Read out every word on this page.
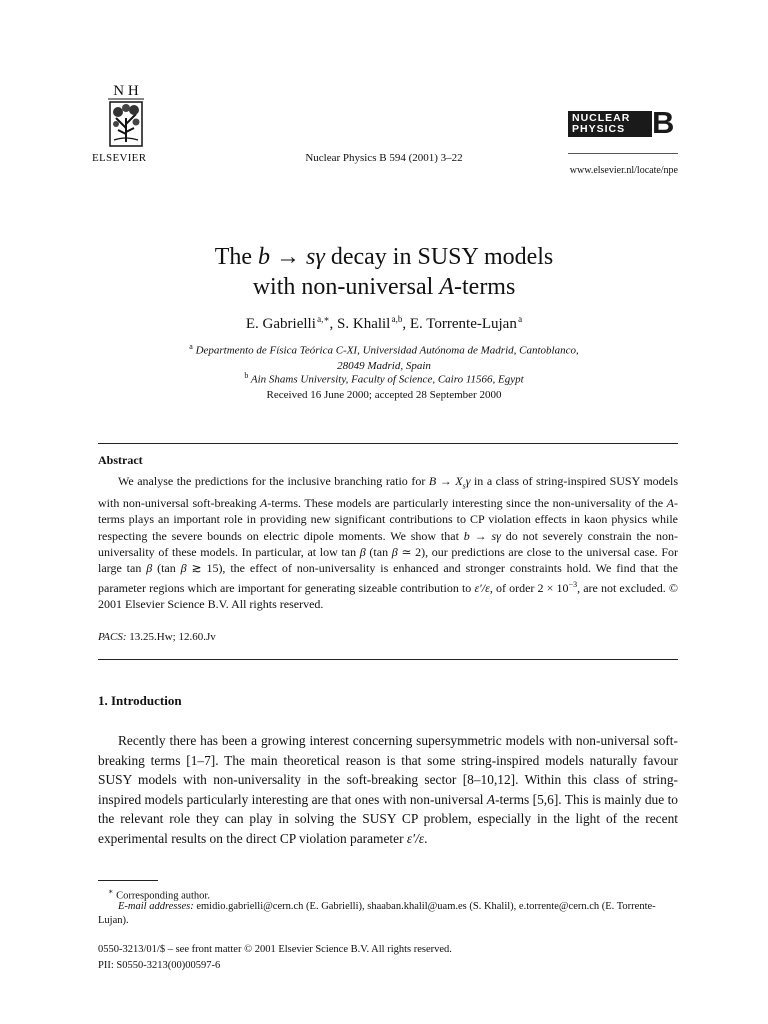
N H
ELSEVIER	Nuclear Physics B 594 (2001) 3–22
NUCLEAR
PHYSICS B
www.elsevier.nl/locate/npe
The b → sγ decay in SUSY models
with non-universal A-terms
E. Gabrielli $^{a,∗}$, S. Khalil $^{a,b}$, E. Torrente-Lujan $^a$
$^a$ Departmento de Física Teórica C-XI, Universidad Autónoma de Madrid, Cantoblanco,
28049 Madrid, Spain
$^b$ Ain Shams University, Faculty of Science, Cairo 11566, Egypt
Received 16 June 2000; accepted 28 September 2000
Abstract
We analyse the predictions for the inclusive branching ratio for $B \to X_s\gamma$ in a class of string-inspired SUSY models with non-universal soft-breaking A-terms. These models are particularly interesting since the non-universality of the A-terms plays an important role in providing new significant contributions to CP violation effects in kaon physics while respecting the severe bounds on electric dipole moments. We show that b → sγ do not severely constrain the non-universality of these models. In particular, at low tan β (tan β ≃ 2), our predictions are close to the universal case. For large tan β (tan β ≳ 15), the effect of non-universality is enhanced and stronger constraints hold. We find that the parameter regions which are important for generating sizeable contribution to ε′/ε, of order $2 \times 10^{-3}$, are not excluded. © 2001 Elsevier Science B.V. All rights reserved.
PACS: 13.25.Hw; 12.60.Jv
1. Introduction
Recently there has been a growing interest concerning supersymmetric models with non-universal soft-breaking terms [1–7]. The main theoretical reason is that some string-inspired models naturally favour SUSY models with non-universality in the soft-breaking sector [8–10,12]. Within this class of string-inspired models particularly interesting are that ones with non-universal A-terms [5,6]. This is mainly due to the relevant role they can play in solving the SUSY CP problem, especially in the light of the recent experimental results on the direct CP violation parameter ε′/ε.
∗ Corresponding author.
E-mail addresses: emidio.gabrielli@cern.ch (E. Gabrielli), shaaban.khalil@uam.es (S. Khalil), e.torrente@cern.ch (E. Torrente-Lujan).
0550-3213/01/$ – see front matter © 2001 Elsevier Science B.V. All rights reserved.
PII: S0550-3213(00)00597-6
